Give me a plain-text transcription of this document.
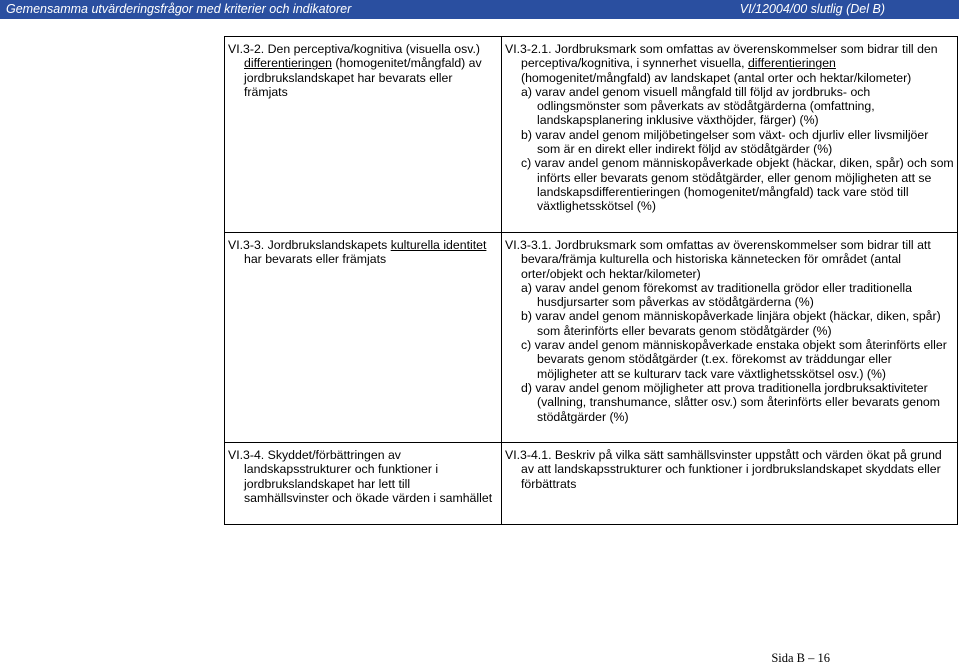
Gemensamma utvärderingsfrågor med kriterier och indikatorer	VI/12004/00 slutlig (Del B)
VI.3-2. Den perceptiva/kognitiva (visuella osv.) differentieringen (homogenitet/mångfald) av jordbrukslandskapet har bevarats eller främjats	VI.3-2.1. Jordbruksmark som omfattas av överenskommelser som bidrar till den perceptiva/kognitiva, i synnerhet visuella, differentieringen (homogenitet/mångfald) av landskapet (antal orter och hektar/kilometer)

a) varav andel genom visuell mångfald till följd av jordbruks- och odlingsmönster som påverkats av stödåtgärderna (omfattning, landskapsplanering inklusive växthöjder, färger) (%)

b) varav andel genom miljöbetingelser som växt- och djurliv eller livsmiljöer som är en direkt eller indirekt följd av stödåtgärder (%)

c) varav andel genom människopåverkade objekt (häckar, diken, spår) och som införts eller bevarats genom stödåtgärder, eller genom möjligheten att se landskapsdifferentieringen (homogenitet/mångfald) tack vare stöd till växtlighetsskötsel (%)

VI.3-3. Jordbrukslandskapets kulturella identitet har bevarats eller främjats	VI.3-3.1. Jordbruksmark som omfattas av överenskommelser som bidrar till att bevara/främja kulturella och historiska kännetecken för området (antal orter/objekt och hektar/kilometer)

a) varav andel genom förekomst av traditionella grödor eller traditionella husdjursarter som påverkas av stödåtgärderna (%)

b) varav andel genom människopåverkade linjära objekt (häckar, diken, spår) som återinförts eller bevarats genom stödåtgärder (%)

c) varav andel genom människopåverkade enstaka objekt som återinförts eller bevarats genom stödåtgärder (t.ex. förekomst av träddungar eller möjligheter att se kulturarv tack vare växtlighetsskötsel osv.) (%)

d) varav andel genom möjligheter att prova traditionella jordbruksaktiviteter (vallning, transhumance, slåtter osv.) som återinförts eller bevarats genom stödåtgärder (%)

VI.3-4. Skyddet/förbättringen av landskapsstrukturer och funktioner i jordbrukslandskapet har lett till samhällsvinster och ökade värden i samhället	VI.3-4.1. Beskriv på vilka sätt samhällsvinster uppstått och värden ökat på grund av att landskapsstrukturer och funktioner i jordbrukslandskapet skyddats eller förbättrats
Sida B – 16
